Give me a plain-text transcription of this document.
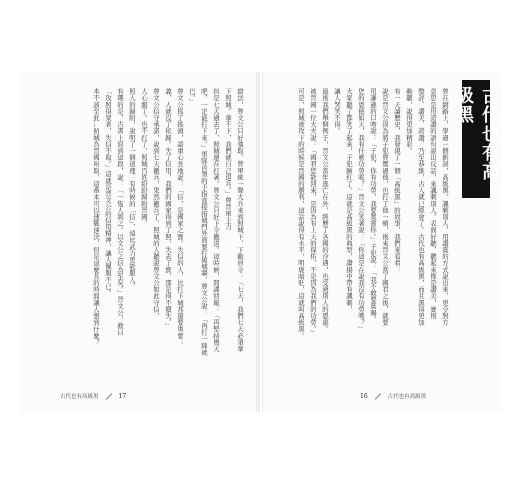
辯法，曾文公只好強取。曾軍統一聲大兵來到照城下，下動員令：「七天，我們七天必須拿
下照城。拿不下，我們就自己退兵。」曾晉軍主力
但是七天過去了，照城還在打著。曾文公只好下令撤退。這時候，間諜回報：「再堅持幾天
吧，一定能打下來。」軍隊首領的手指直接指城門外面要打破城牆。曾文公說：「再打一陣就
巴。」
曾文公搖了搖頭，語重心長地說：「信，是國家之寶。失信的人，比打下城邦還要重要；
義，人就沒了依歸。失了信用，我們的國家得到了照，失去了寶，那是得不償失。」
曾文公信守承諾，說到七天撤兵，果然撤兵了。照城的人聽說曾文公如此守信，
人心服了。也不打了，照城百姓紛紛歸附晉國。
照人的歸附，說明了一個道理：有時候的「信」，遠比武力更能服人。
有趣的是，古書上寫到這段，說：「一隻人與之。以文公之信為至矣。」晉文公，救曰
「攻照得衆者，失信不取。」這就是晉文公的信用精神，讓人佩服不已。
本不該至此...照城為晉國所取，這番本可以速戰速決，但是這麼長的時間讓人想到什麼？	曾在網路上，學過一個新詞，高級黑。諷刺別人，用讚賞的方式說出來，更令對方
意思是用誇讚的語句說出反話，來諷刺別人。表面好聽，聽起來像是讚美，實則
整評、讚美、誇讚、乃至恭維，古人就已經會了。古代也有高級黑，而且黑得更加
動聽，說得更加精彩。
有一天讀歷史，我發現了一個「高級黑」的故事，我們來看看：
說是晉文公因為將子犯曾罵過他，也打了他一頓，後來晉文公當了國君之後，就要
用謙遜的口吻說：「子犯，你有功勞，我要獎賞你。」子犯說：「我不敢要賞賜。
您的恩德如天，我有什麼功勞呢？」晉文公笑著說：「你這是在說我沒有功勞嗎？」
大家聽了都笑了起來，子犯臉紅了。這就是高級黑的典型，讚揚中帶有諷刺，
讓人哭笑不得。
最後我們舉個例子，晉文公當年逃亡在外，經歷了各國的冷遇，也受過別人的恩惠。
被晉國一位大夫說：「國君您能回來，是因為有上天的保佑，不是因為我們的功勞。」
可是，照城被攻下的時候是晉國的勝利，這話說得有水平，明褒暗貶，這就叫高級黑。	古代也有高級黑
古代也有高級黑	17	16	古代也有高級黑
